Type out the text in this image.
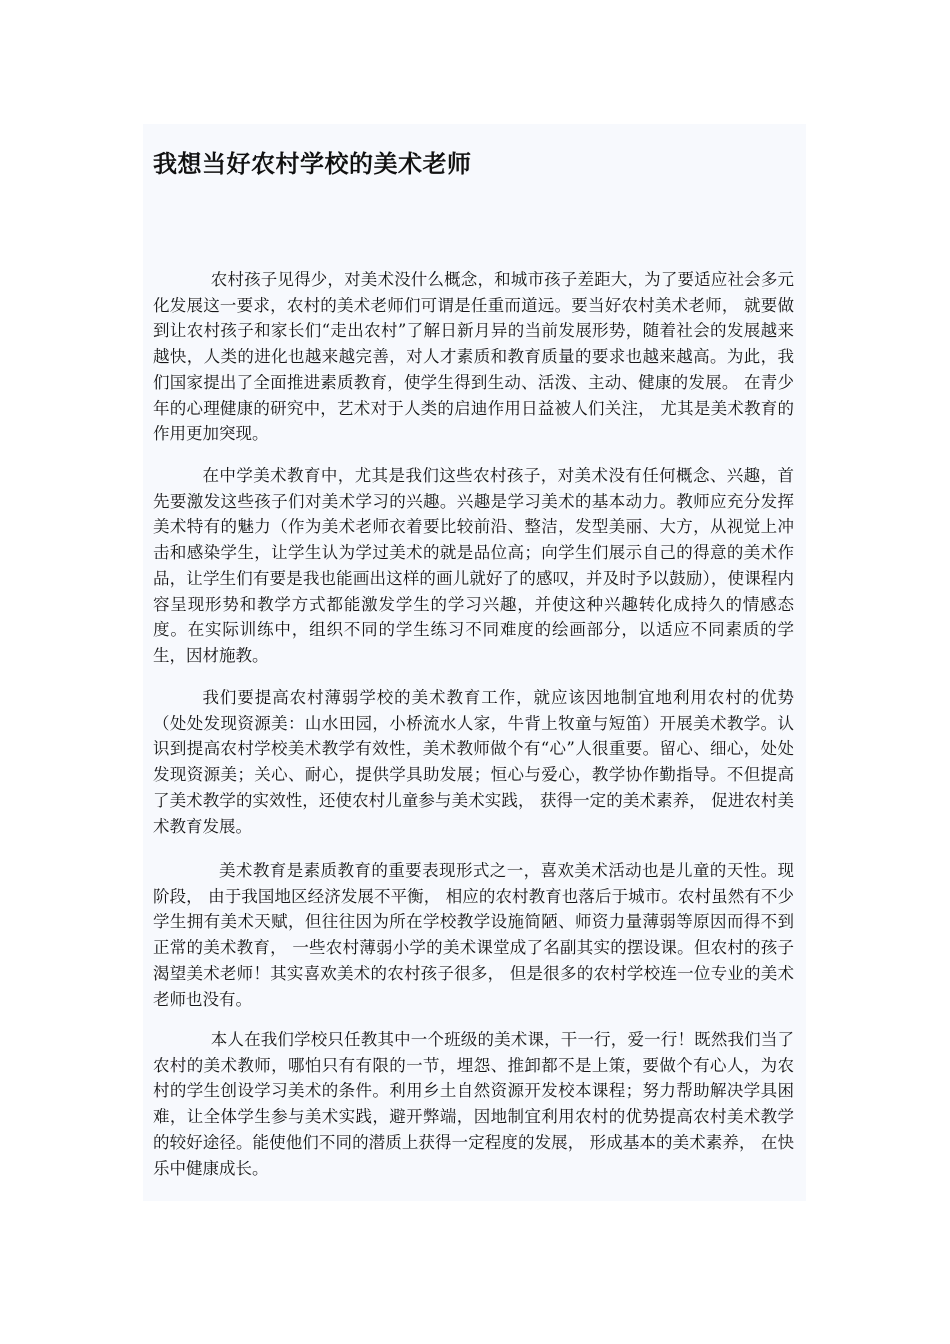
我想当好农村学校的美术老师

农村孩子见得少，对美术没什么概念，和城市孩子差距大，为了要适应社会多元化发展这一要求，农村的美术老师们可谓是任重而道远。要当好农村美术老师， 就要做到让农村孩子和家长们“走出农村”了解日新月异的当前发展形势，随着社会的发展越来越快，人类的进化也越来越完善，对人才素质和教育质量的要求也越来越高。为此，我们国家提出了全面推进素质教育，使学生得到生动、活泼、主动、健康的发展。 在青少年的心理健康的研究中，艺术对于人类的启迪作用日益被人们关注， 尤其是美术教育的作用更加突现。

在中学美术教育中，尤其是我们这些农村孩子，对美术没有任何概念、兴趣，首先要激发这些孩子们对美术学习的兴趣。兴趣是学习美术的基本动力。教师应充分发挥美术特有的魅力（作为美术老师衣着要比较前沿、整洁，发型美丽、大方，从视觉上冲击和感染学生，让学生认为学过美术的就是品位高；向学生们展示自己的得意的美术作品，让学生们有要是我也能画出这样的画儿就好了的感叹，并及时予以鼓励），使课程内容呈现形势和教学方式都能激发学生的学习兴趣，并使这种兴趣转化成持久的情感态度。在实际训练中，组织不同的学生练习不同难度的绘画部分，以适应不同素质的学生，因材施教。

我们要提高农村薄弱学校的美术教育工作，就应该因地制宜地利用农村的优势（处处发现资源美：山水田园，小桥流水人家，牛背上牧童与短笛）开展美术教学。认识到提高农村学校美术教学有效性，美术教师做个有“心”人很重要。留心、细心，处处发现资源美；关心、耐心，提供学具助发展；恒心与爱心，教学协作勤指导。不但提高了美术教学的实效性，还使农村儿童参与美术实践， 获得一定的美术素养， 促进农村美术教育发展。

美术教育是素质教育的重要表现形式之一，喜欢美术活动也是儿童的天性。现阶段， 由于我国地区经济发展不平衡， 相应的农村教育也落后于城市。农村虽然有不少学生拥有美术天赋，但往往因为所在学校教学设施简陋、师资力量薄弱等原因而得不到正常的美术教育， 一些农村薄弱小学的美术课堂成了名副其实的摆设课。但农村的孩子渴望美术老师！其实喜欢美术的农村孩子很多， 但是很多的农村学校连一位专业的美术老师也没有。

本人在我们学校只任教其中一个班级的美术课，干一行，爱一行！既然我们当了农村的美术教师，哪怕只有有限的一节，埋怨、推卸都不是上策，要做个有心人，为农村的学生创设学习美术的条件。利用乡土自然资源开发校本课程；努力帮助解决学具困难，让全体学生参与美术实践，避开弊端，因地制宜利用农村的优势提高农村美术教学的较好途径。能使他们不同的潜质上获得一定程度的发展， 形成基本的美术素养， 在快乐中健康成长。
